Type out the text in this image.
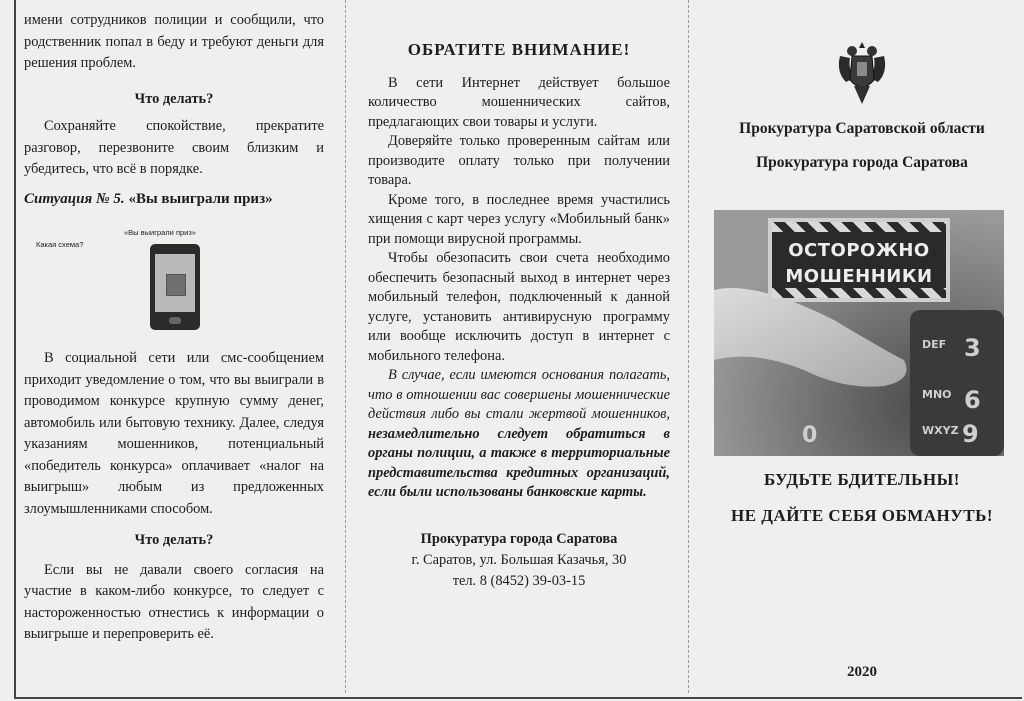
имени сотрудников полиции и сообщили, что родственник попал в беду и требуют деньги для решения проблем.

Что делать?

Сохраняйте спокойствие, прекратите разговор, перезвоните своим близким и убедитесь, что всё в порядке.

Ситуация № 5. «Вы выиграли приз»

«Вы выиграли приз»
Какая схема?

В социальной сети или смс-сообщением приходит уведомление о том, что вы выиграли в проводимом конкурсе крупную сумму денег, автомобиль или бытовую технику. Далее, следуя указаниям мошенников, потенциальный «победитель конкурса» оплачивает «налог на выигрыш» любым из предложенных злоумышленниками способом.

Что делать?

Если вы не давали своего согласия на участие в каком-либо конкурсе, то следует с настороженностью отнестись к информации о выигрыше и перепроверить её.

ОБРАТИТЕ ВНИМАНИЕ!

В сети Интернет действует большое количество мошеннических сайтов, предлагающих свои товары и услуги.

Доверяйте только проверенным сайтам или производите оплату только при получении товара.

Кроме того, в последнее время участились хищения с карт через услугу «Мобильный банк» при помощи вирусной программы.

Чтобы обезопасить свои счета необходимо обеспечить безопасный выход в интернет через мобильный телефон, подключенный к данной услуге, установить антивирусную программу или вообще исключить доступ в интернет с мобильного телефона.

В случае, если имеются основания полагать, что в отношении вас совершены мошеннические действия либо вы стали жертвой мошенников, незамедлительно следует обратиться в органы полиции, а также в территориальные представительства кредитных организаций, если были использованы банковские карты.

Прокуратура города Саратова

г. Саратов, ул. Большая Казачья, 30

тел. 8 (8452) 39-03-15

Прокуратура Саратовской области
Прокуратура города Саратова
DEF 3
MNO 6
WXYZ 9
0
ОСТОРОЖНО
МОШЕННИКИ
БУДЬТЕ БДИТЕЛЬНЫ!
НЕ ДАЙТЕ СЕБЯ ОБМАНУТЬ!
2020
